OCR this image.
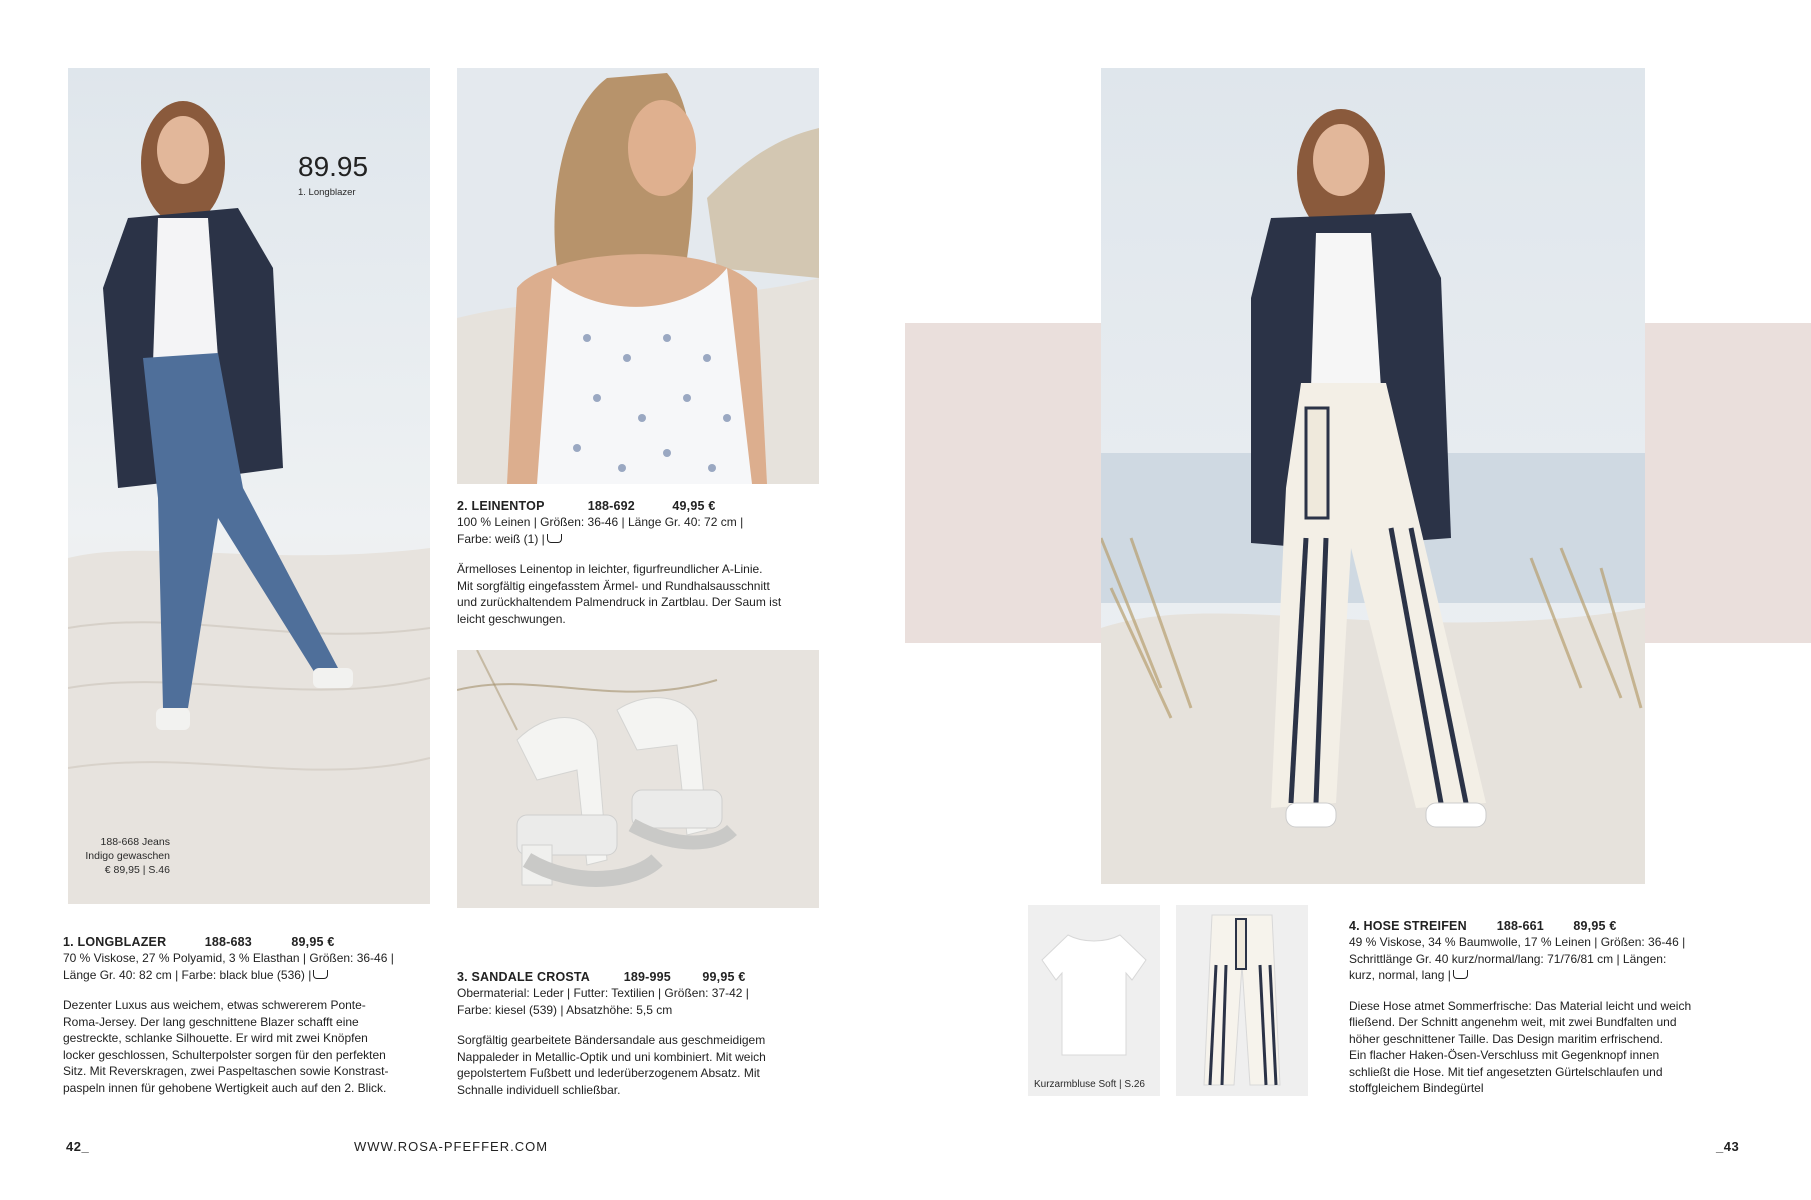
89.95
1. Longblazer
188-668 Jeans
Indigo gewaschen
€ 89,95 | S.46
2. LEINENTOP	188-692	49,95 €
100 % Leinen | Größen: 36-46 | Länge Gr. 40: 72 cm |
Farbe: weiß (1) |
Ärmelloses Leinentop in leichter, figurfreundlicher A-Linie.
Mit sorgfältig eingefasstem Ärmel- und Rundhalsausschnitt
und zurückhaltendem Palmendruck in Zartblau. Der Saum ist
leicht geschwungen.
1. LONGBLAZER	188-683	89,95 €
70 % Viskose, 27 % Polyamid, 3 % Elasthan | Größen: 36-46 |
Länge Gr. 40: 82 cm | Farbe: black blue (536) |
Dezenter Luxus aus weichem, etwas schwererem Ponte-
Roma-Jersey. Der lang geschnittene Blazer schafft eine
gestreckte, schlanke Silhouette. Er wird mit zwei Knöpfen
locker geschlossen, Schulterpolster sorgen für den perfekten
Sitz. Mit Reverskragen, zwei Paspeltaschen sowie Konstrast-
paspeln innen für gehobene Wertigkeit auch auf den 2. Blick.
3. SANDALE CROSTA	189-995	99,95 €
Obermaterial: Leder | Futter: Textilien | Größen: 37-42 |
Farbe: kiesel (539) | Absatzhöhe: 5,5 cm
Sorgfältig gearbeitete Bändersandale aus geschmeidigem
Nappaleder in Metallic-Optik und uni kombiniert. Mit weich
gepolstertem Fußbett und lederüberzogenem Absatz. Mit
Schnalle individuell schließbar.
42_	WWW.ROSA-PFEFFER.COM
Kurzarmbluse Soft | S.26
4. HOSE STREIFEN 188-661 89,95 €
49 % Viskose, 34 % Baumwolle, 17 % Leinen | Größen: 36-46 |
Schrittlänge Gr. 40 kurz/normal/lang: 71/76/81 cm | Längen:
kurz, normal, lang |
Diese Hose atmet Sommerfrische: Das Material leicht und weich
fließend. Der Schnitt angenehm weit, mit zwei Bundfalten und
höher geschnittener Taille. Das Design maritim erfrischend.
Ein flacher Haken-Ösen-Verschluss mit Gegenknopf innen
schließt die Hose. Mit tief angesetzten Gürtelschlaufen und
stoffgleichem Bindegürtel
_43
